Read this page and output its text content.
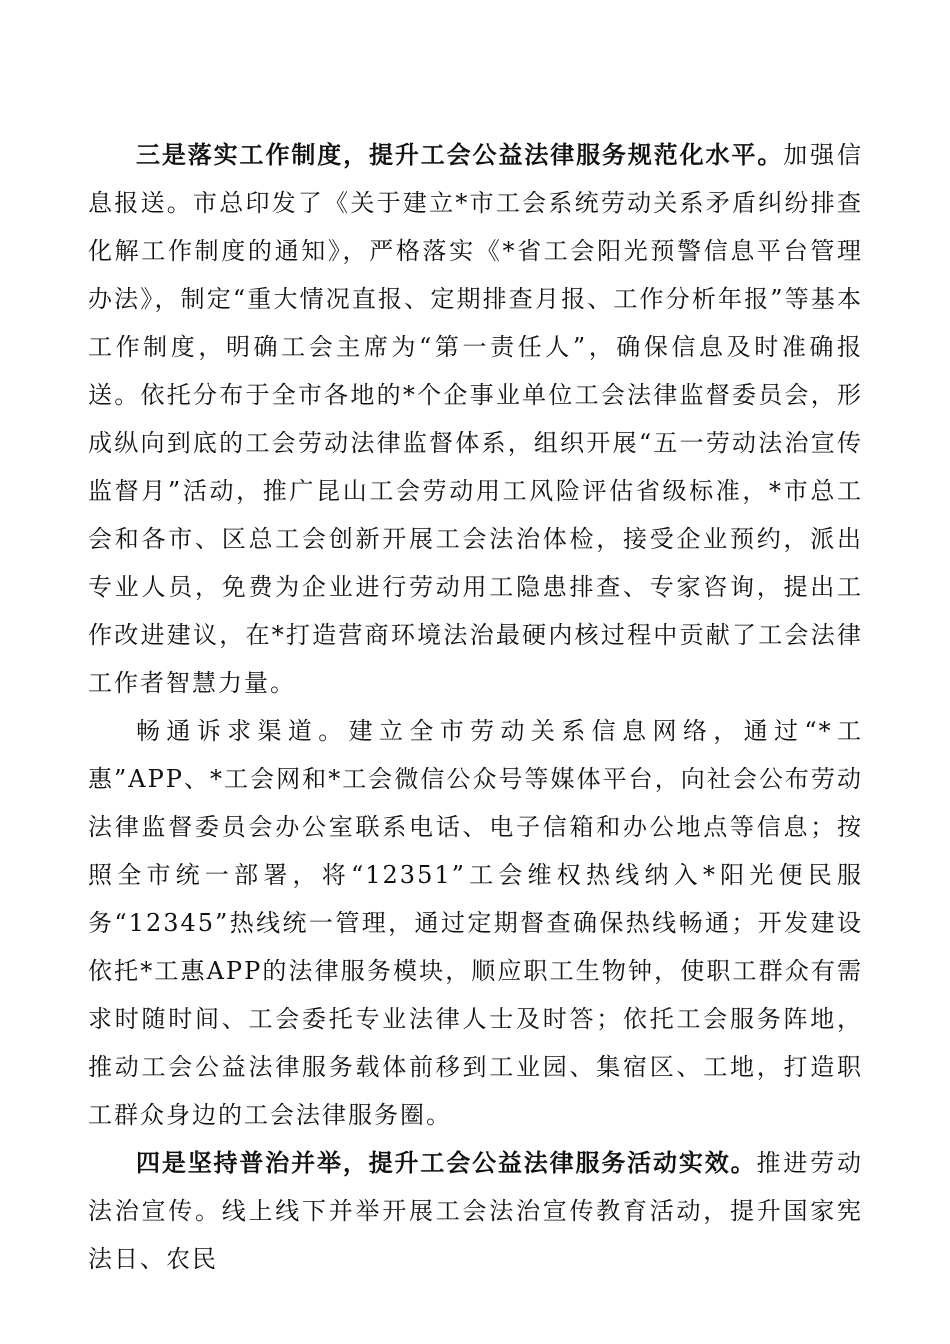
三是落实工作制度，提升工会公益法律服务规范化水平。加强信息报送。市总印发了《关于建立*市工会系统劳动关系矛盾纠纷排查化解工作制度的通知》，严格落实《*省工会阳光预警信息平台管理办法》，制定“重大情况直报、定期排查月报、工作分析年报”等基本工作制度，明确工会主席为“第一责任人”，确保信息及时准确报送。依托分布于全市各地的*个企事业单位工会法律监督委员会，形成纵向到底的工会劳动法律监督体系，组织开展“五一劳动法治宣传监督月”活动，推广昆山工会劳动用工风险评估省级标准，*市总工会和各市、区总工会创新开展工会法治体检，接受企业预约，派出专业人员，免费为企业进行劳动用工隐患排查、专家咨询，提出工作改进建议，在*打造营商环境法治最硬内核过程中贡献了工会法律工作者智慧力量。

畅通诉求渠道。建立全市劳动关系信息网络，通过“*工惠”APP、*工会网和*工会微信公众号等媒体平台，向社会公布劳动法律监督委员会办公室联系电话、电子信箱和办公地点等信息；按照全市统一部署，将“12351”工会维权热线纳入*阳光便民服务“12345”热线统一管理，通过定期督查确保热线畅通；开发建设依托*工惠APP的法律服务模块，顺应职工生物钟，使职工群众有需求时随时间、工会委托专业法律人士及时答；依托工会服务阵地，推动工会公益法律服务载体前移到工业园、集宿区、工地，打造职工群众身边的工会法律服务圈。

四是坚持普治并举，提升工会公益法律服务活动实效。推进劳动法治宣传。线上线下并举开展工会法治宣传教育活动，提升国家宪法日、农民
